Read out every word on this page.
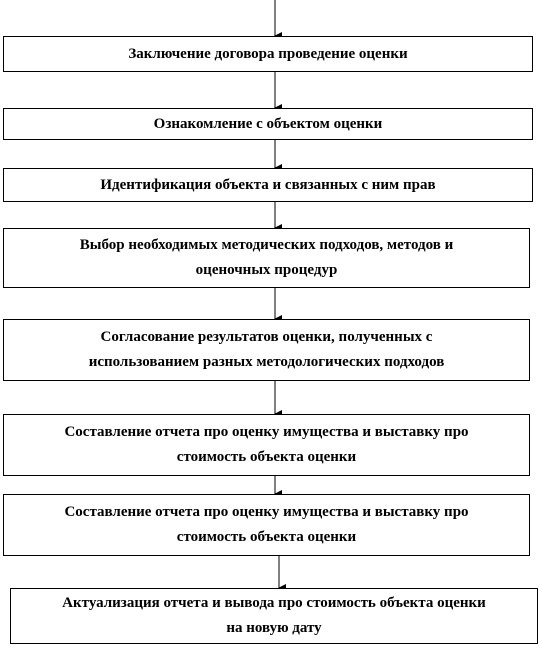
Заключение договора проведение оценки
Ознакомление с объектом оценки
Идентификация объекта и связанных с ним прав
Выбор необходимых методических подходов, методов и
оценочных процедур
Согласование результатов оценки, полученных с
использованием разных методологических подходов
Составление отчета про оценку имущества и выставку про
стоимость объекта оценки
Составление отчета про оценку имущества и выставку про
стоимость объекта оценки
Актуализация отчета и вывода про стоимость объекта оценки
на новую дату
